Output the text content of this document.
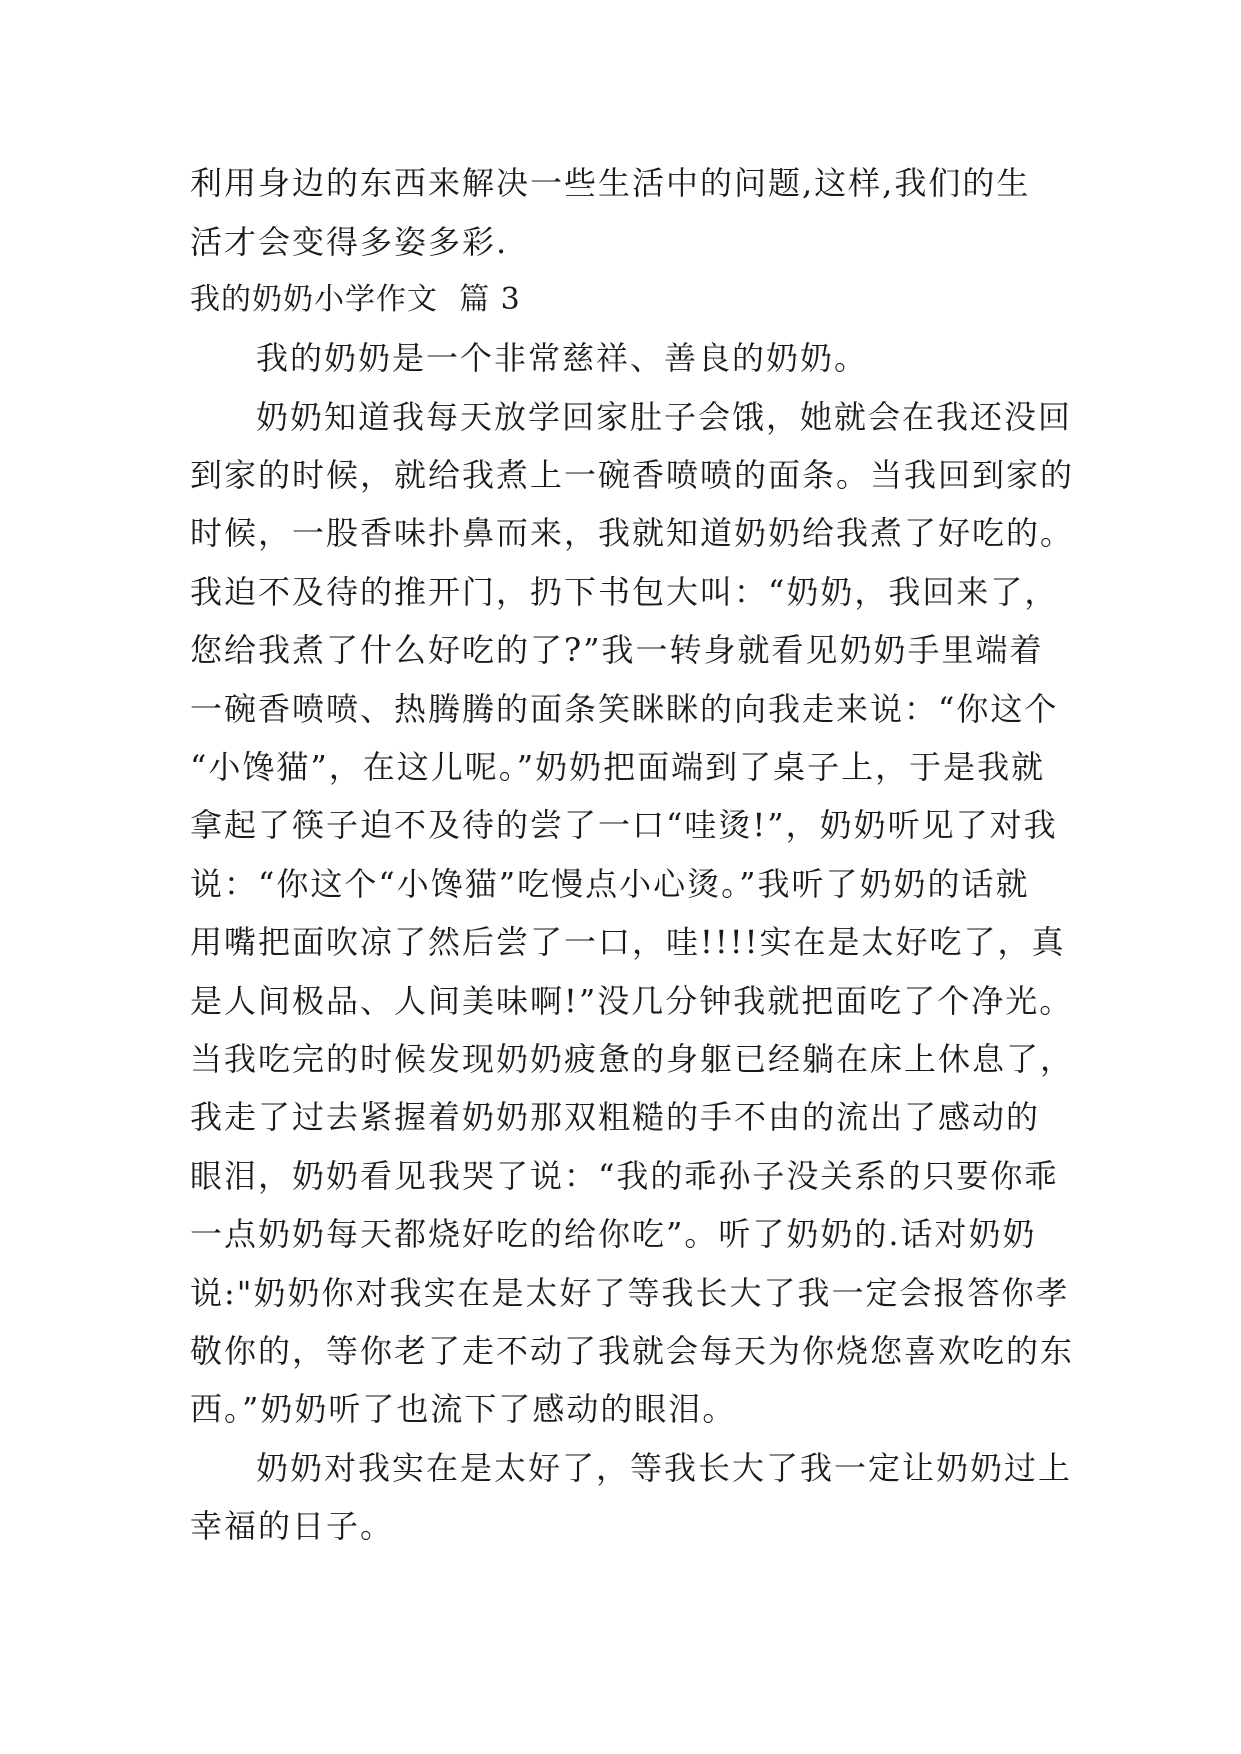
利用身边的东西来解决一些生活中的问题,这样,我们的生
活才会变得多姿多彩.
我的奶奶小学作文  篇 3
我的奶奶是一个非常慈祥、善良的奶奶。
奶奶知道我每天放学回家肚子会饿，她就会在我还没回
到家的时候，就给我煮上一碗香喷喷的面条。当我回到家的
时候，一股香味扑鼻而来，我就知道奶奶给我煮了好吃的。
我迫不及待的推开门，扔下书包大叫：“奶奶，我回来了，
您给我煮了什么好吃的了?”我一转身就看见奶奶手里端着
一碗香喷喷、热腾腾的面条笑眯眯的向我走来说：“你这个
“小馋猫”，在这儿呢。”奶奶把面端到了桌子上，于是我就
拿起了筷子迫不及待的尝了一口“哇烫!”，奶奶听见了对我
说：“你这个“小馋猫”吃慢点小心烫。”我听了奶奶的话就
用嘴把面吹凉了然后尝了一口，哇!!!!实在是太好吃了，真
是人间极品、人间美味啊!”没几分钟我就把面吃了个净光。
当我吃完的时候发现奶奶疲惫的身躯已经躺在床上休息了，
我走了过去紧握着奶奶那双粗糙的手不由的流出了感动的
眼泪，奶奶看见我哭了说：“我的乖孙子没关系的只要你乖
一点奶奶每天都烧好吃的给你吃”。听了奶奶的.话对奶奶
说:"奶奶你对我实在是太好了等我长大了我一定会报答你孝
敬你的，等你老了走不动了我就会每天为你烧您喜欢吃的东
西。”奶奶听了也流下了感动的眼泪。
奶奶对我实在是太好了，等我长大了我一定让奶奶过上
幸福的日子。
